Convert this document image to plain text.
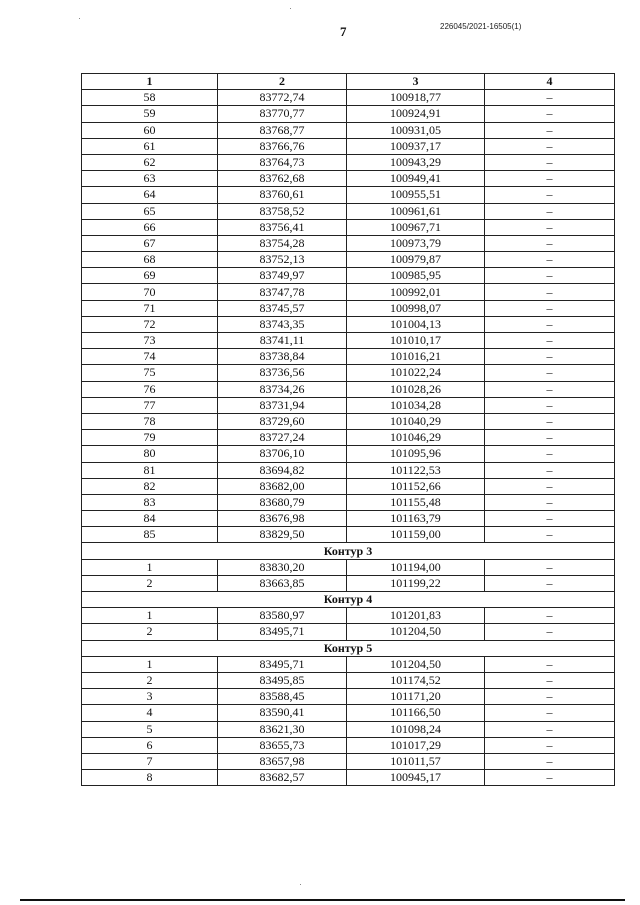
7	226045/2021-16505(1)
1	2	3	4
58	83772,74	100918,77	–
59	83770,77	100924,91	–
60	83768,77	100931,05	–
61	83766,76	100937,17	–
62	83764,73	100943,29	–
63	83762,68	100949,41	–
64	83760,61	100955,51	–
65	83758,52	100961,61	–
66	83756,41	100967,71	–
67	83754,28	100973,79	–
68	83752,13	100979,87	–
69	83749,97	100985,95	–
70	83747,78	100992,01	–
71	83745,57	100998,07	–
72	83743,35	101004,13	–
73	83741,11	101010,17	–
74	83738,84	101016,21	–
75	83736,56	101022,24	–
76	83734,26	101028,26	–
77	83731,94	101034,28	–
78	83729,60	101040,29	–
79	83727,24	101046,29	–
80	83706,10	101095,96	–
81	83694,82	101122,53	–
82	83682,00	101152,66	–
83	83680,79	101155,48	–
84	83676,98	101163,79	–
85	83829,50	101159,00	–
Контур 3			
1	83830,20	101194,00	–
2	83663,85	101199,22	–
Контур 4			
1	83580,97	101201,83	–
2	83495,71	101204,50	–
Контур 5			
1	83495,71	101204,50	–
2	83495,85	101174,52	–
3	83588,45	101171,20	–
4	83590,41	101166,50	–
5	83621,30	101098,24	–
6	83655,73	101017,29	–
7	83657,98	101011,57	–
8	83682,57	100945,17	–
